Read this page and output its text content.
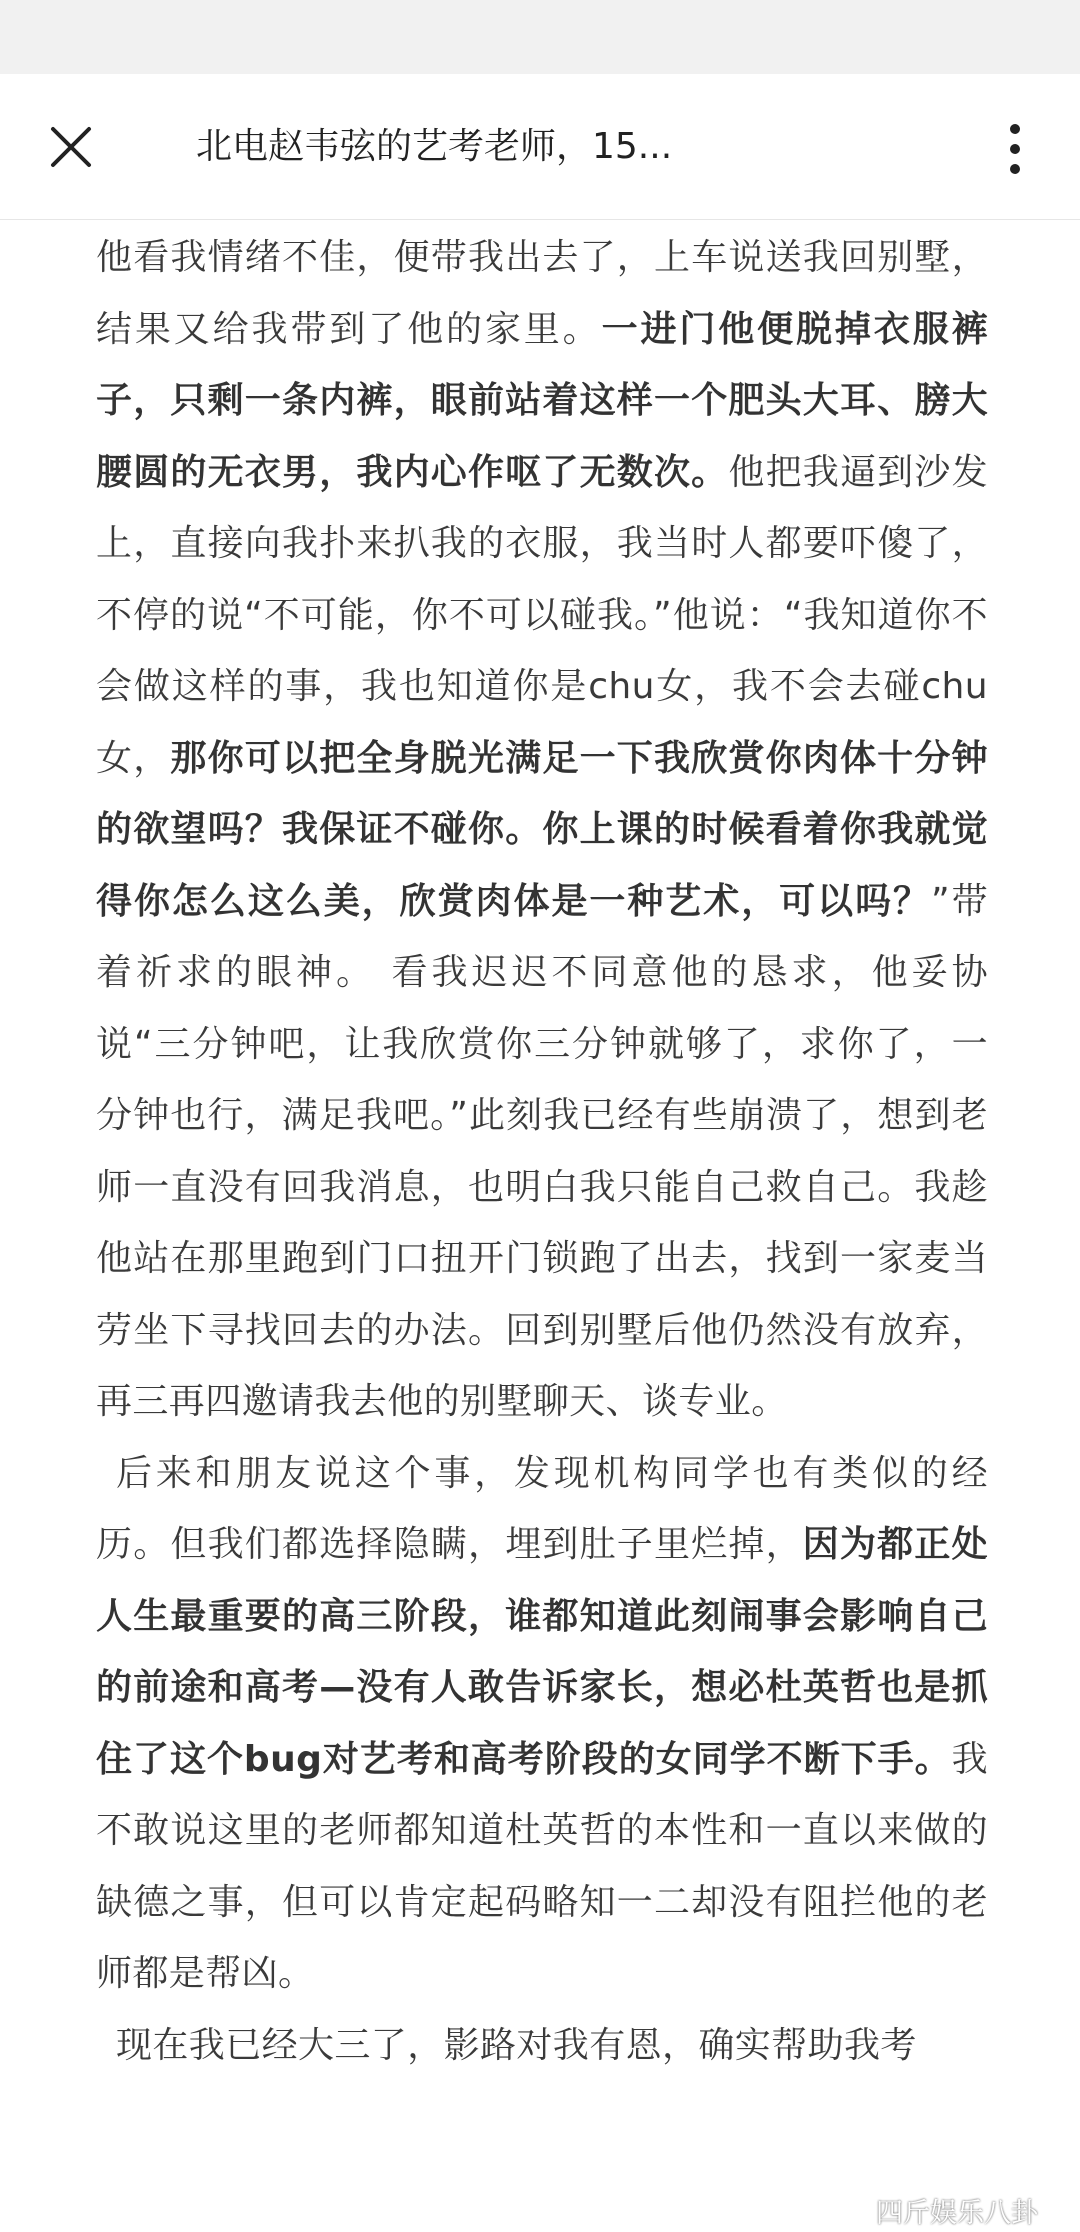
北电赵韦弦的艺考老师，15...

他看我情绪不佳，便带我出去了，上车说送我回别墅，结果又给我带到了他的家里。一进门他便脱掉衣服裤子，只剩一条内裤，眼前站着这样一个肥头大耳、膀大腰圆的无衣男，我内心作呕了无数次。他把我逼到沙发上，直接向我扑来扒我的衣服，我当时人都要吓傻了，不停的说“不可能，你不可以碰我。”他说：“我知道你不会做这样的事，我也知道你是chu女，我不会去碰chu女，那你可以把全身脱光满足一下我欣赏你肉体十分钟的欲望吗？我保证不碰你。你上课的时候看着你我就觉得你怎么这么美，欣赏肉体是一种艺术，可以吗？”带着祈求的眼神。 看我迟迟不同意他的恳求，他妥协说“三分钟吧，让我欣赏你三分钟就够了，求你了，一分钟也行，满足我吧。”此刻我已经有些崩溃了，想到老师一直没有回我消息，也明白我只能自己救自己。我趁他站在那里跑到门口扭开门锁跑了出去，找到一家麦当劳坐下寻找回去的办法。回到别墅后他仍然没有放弃，再三再四邀请我去他的别墅聊天、谈专业。

后来和朋友说这个事，发现机构同学也有类似的经历。但我们都选择隐瞒，埋到肚子里烂掉，因为都正处人生最重要的高三阶段，谁都知道此刻闹事会影响自己的前途和高考—没有人敢告诉家长，想必杜英哲也是抓住了这个bug对艺考和高考阶段的女同学不断下手。我不敢说这里的老师都知道杜英哲的本性和一直以来做的缺德之事，但可以肯定起码略知一二却没有阻拦他的老师都是帮凶。

现在我已经大三了，影路对我有恩，确实帮助我考

四斤娱乐八卦
